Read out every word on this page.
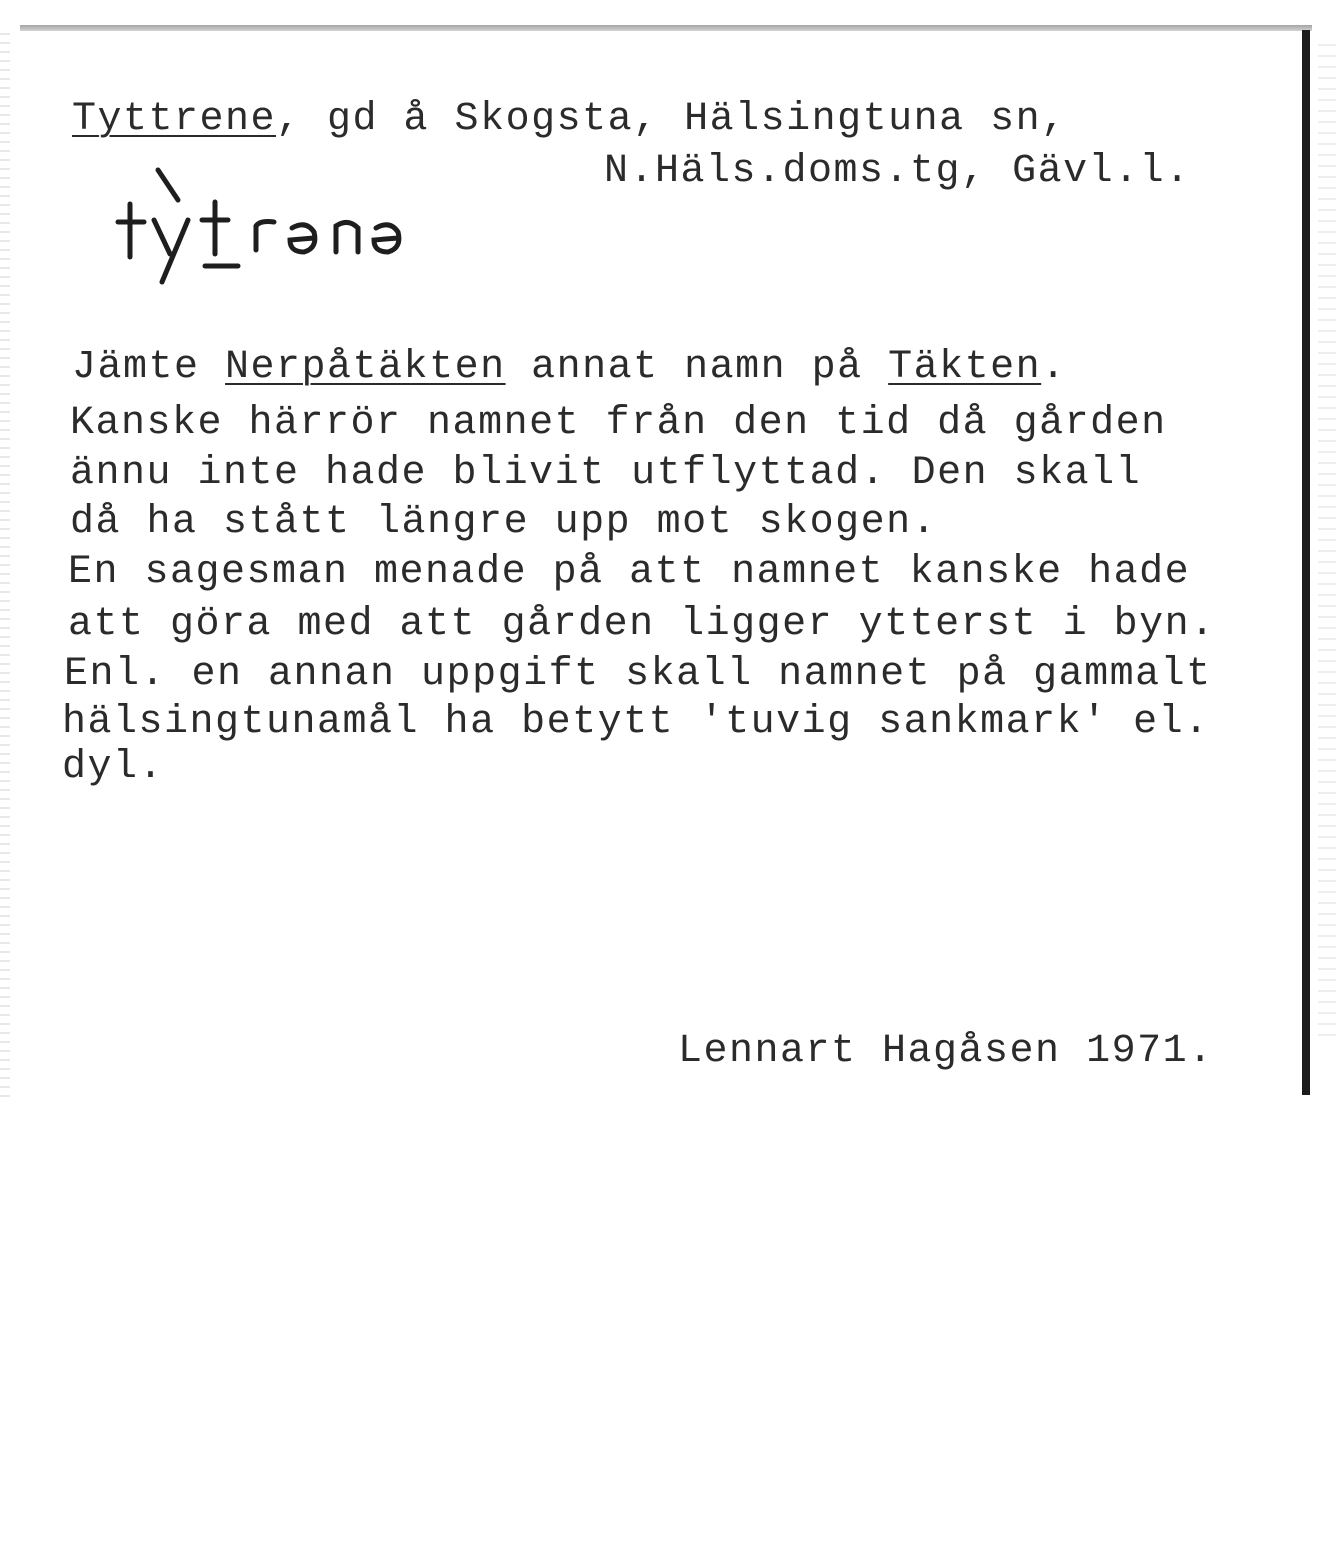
Tyttrene, gd å Skogsta, Hälsingtuna sn,
N.Häls.doms.tg, Gävl.l.
tytrənə
Jämte Nerpåtäkten annat namn på Täkten.
Kanske härrör namnet från den tid då gården
ännu inte hade blivit utflyttad. Den skall
då ha stått längre upp mot skogen.
En sagesman menade på att namnet kanske hade
att göra med att gården ligger ytterst i byn.
Enl. en annan uppgift skall namnet på gammalt
hälsingtunamål ha betytt 'tuvig sankmark' el.
dyl.
Lennart Hagåsen 1971.
